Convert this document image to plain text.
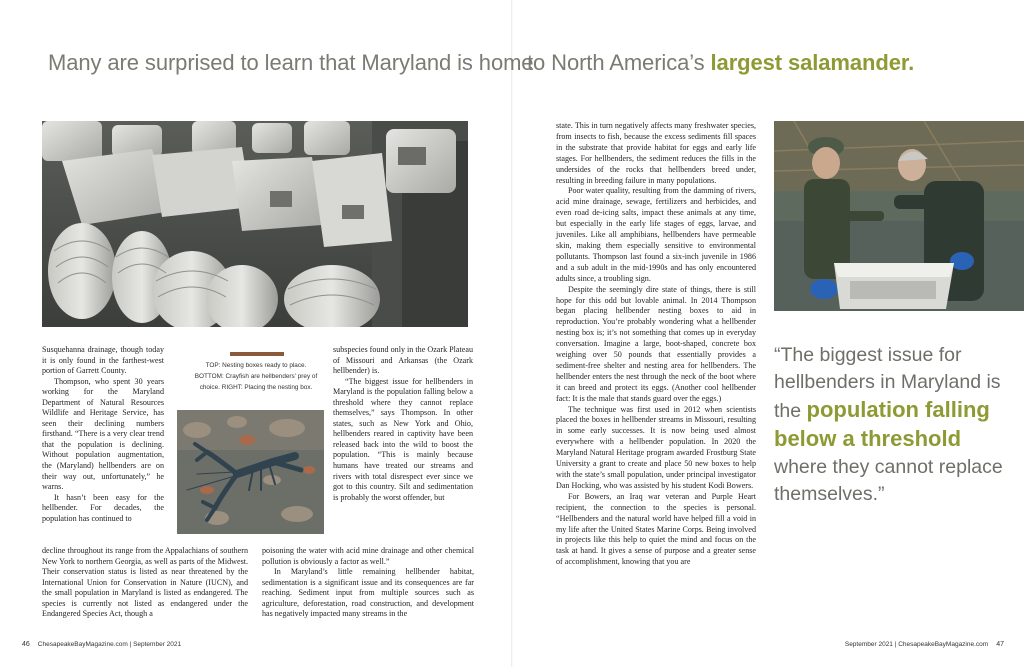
Many are surprised to learn that Maryland is home
to North America’s largest salamander.
TOP: Nesting boxes ready to place.
BOTTOM: Crayfish are hellbenders’ prey of
choice. RIGHT: Placing the nesting box.

Susquehanna drainage, though today it is only found in the farthest-west portion of Garrett County.

Thompson, who spent 30 years working for the Maryland Department of Natural Resources Wildlife and Heritage Service, has seen their declining numbers firsthand. “There is a very clear trend that the population is declining. Without population augmentation, the (Maryland) hellbenders are on their way out, unfortunately,” he warns.

It hasn’t been easy for the hellbender. For decades, the population has continued to

decline throughout its range from the Appalachians of southern New York to northern Georgia, as well as parts of the Midwest. Their conservation status is listed as near threatened by the International Union for Conservation in Nature (IUCN), and the small population in Maryland is listed as endangered. The species is currently not listed as endangered under the Endangered Species Act, though a

subspecies found only in the Ozark Plateau of Missouri and Arkansas (the Ozark hellbender) is.

“The biggest issue for hellbenders in Maryland is the population falling below a threshold where they cannot replace themselves,” says Thompson. In other states, such as New York and Ohio, hellbenders reared in captivity have been released back into the wild to boost the population. “This is mainly because humans have treated our streams and rivers with total disrespect ever since we got to this country. Silt and sedimentation is probably the worst offender, but

poisoning the water with acid mine drainage and other chemical pollution is obviously a factor as well.”

In Maryland’s little remaining hellbender habitat, sedimentation is a significant issue and its consequences are far reaching. Sediment input from multiple sources such as agriculture, deforestation, road construction, and development has negatively impacted many streams in the

state. This in turn negatively affects many freshwater species, from insects to fish, because the excess sediments fill spaces in the substrate that provide habitat for eggs and early life stages. For hellbenders, the sediment reduces the fills in the undersides of the rocks that hellbenders breed under, resulting in breeding failure in many populations.

Poor water quality, resulting from the damming of rivers, acid mine drainage, sewage, fertilizers and herbicides, and even road de-icing salts, impact these animals at any time, but especially in the early life stages of eggs, larvae, and juveniles. Like all amphibians, hellbenders have permeable skin, making them especially sensitive to environmental pollutants. Thompson last found a six-inch juvenile in 1986 and a sub adult in the mid-1990s and has only encountered adults since, a troubling sign.

Despite the seemingly dire state of things, there is still hope for this odd but lovable animal. In 2014 Thompson began placing hellbender nesting boxes to aid in reproduction. You’re probably wondering what a hellbender nesting box is; it’s not something that comes up in everyday conversation. Imagine a large, boot-shaped, concrete box weighing over 50 pounds that essentially provides a sediment-free shelter and nesting area for hellbenders. The hellbender enters the nest through the neck of the boot where it can breed and protect its eggs. (Another cool hellbender fact: It is the male that stands guard over the eggs.)

The technique was first used in 2012 when scientists placed the boxes in hellbender streams in Missouri, resulting in some early successes. It is now being used almost everywhere with a hellbender population. In 2020 the Maryland Natural Heritage program awarded Frostburg State University a grant to create and place 50 new boxes to help with the state’s small population, under principal investigator Dan Hocking, who was assisted by his student Kodi Bowers.

For Bowers, an Iraq war veteran and Purple Heart recipient, the connection to the species is personal. “Hellbenders and the natural world have helped fill a void in my life after the United States Marine Corps. Being involved in projects like this help to quiet the mind and focus on the task at hand. It gives a sense of purpose and a greater sense of accomplishment, knowing that you are

“The biggest issue for hellbenders in Maryland is the population falling below a threshold where they cannot replace themselves.”
46 ChesapeakeBayMagazine.com | September 2021	September 2021 | ChesapeakeBayMagazine.com 47
